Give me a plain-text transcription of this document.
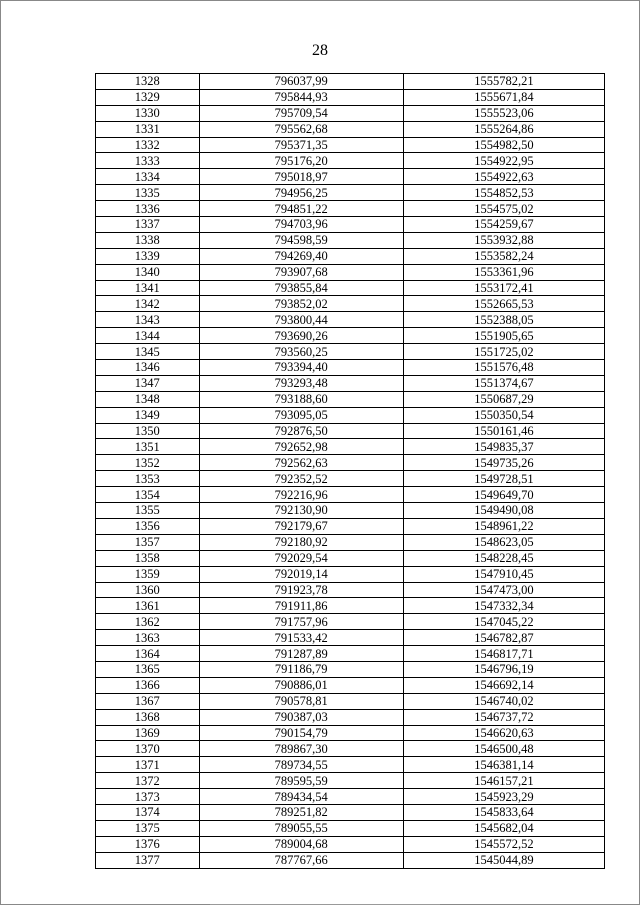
28
1328	796037,99	1555782,21
1329	795844,93	1555671,84
1330	795709,54	1555523,06
1331	795562,68	1555264,86
1332	795371,35	1554982,50
1333	795176,20	1554922,95
1334	795018,97	1554922,63
1335	794956,25	1554852,53
1336	794851,22	1554575,02
1337	794703,96	1554259,67
1338	794598,59	1553932,88
1339	794269,40	1553582,24
1340	793907,68	1553361,96
1341	793855,84	1553172,41
1342	793852,02	1552665,53
1343	793800,44	1552388,05
1344	793690,26	1551905,65
1345	793560,25	1551725,02
1346	793394,40	1551576,48
1347	793293,48	1551374,67
1348	793188,60	1550687,29
1349	793095,05	1550350,54
1350	792876,50	1550161,46
1351	792652,98	1549835,37
1352	792562,63	1549735,26
1353	792352,52	1549728,51
1354	792216,96	1549649,70
1355	792130,90	1549490,08
1356	792179,67	1548961,22
1357	792180,92	1548623,05
1358	792029,54	1548228,45
1359	792019,14	1547910,45
1360	791923,78	1547473,00
1361	791911,86	1547332,34
1362	791757,96	1547045,22
1363	791533,42	1546782,87
1364	791287,89	1546817,71
1365	791186,79	1546796,19
1366	790886,01	1546692,14
1367	790578,81	1546740,02
1368	790387,03	1546737,72
1369	790154,79	1546620,63
1370	789867,30	1546500,48
1371	789734,55	1546381,14
1372	789595,59	1546157,21
1373	789434,54	1545923,29
1374	789251,82	1545833,64
1375	789055,55	1545682,04
1376	789004,68	1545572,52
1377	787767,66	1545044,89
